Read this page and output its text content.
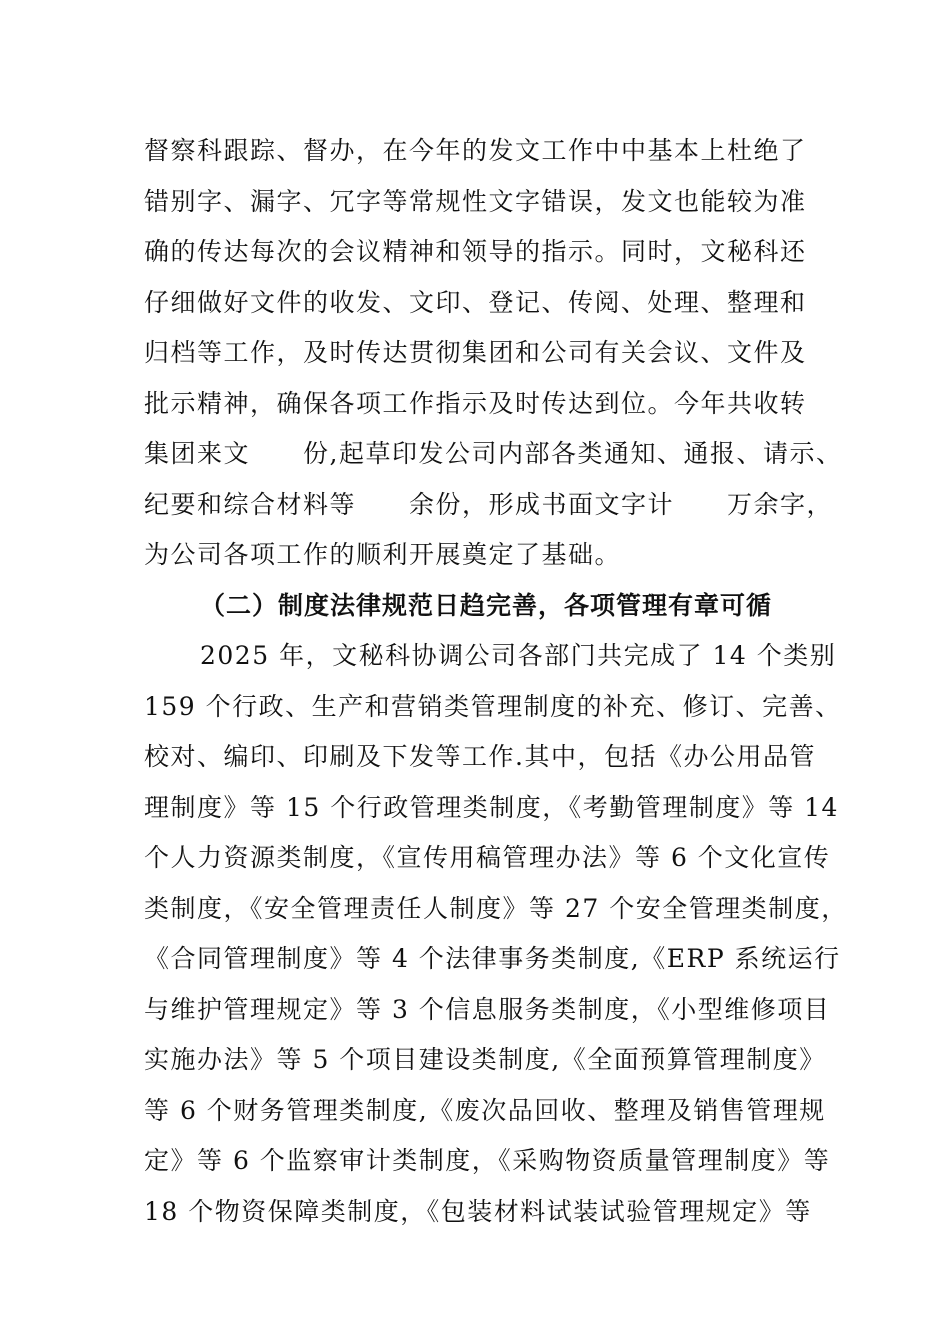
督察科跟踪、督办，在今年的发文工作中中基本上杜绝了
错别字、漏字、冗字等常规性文字错误，发文也能较为准
确的传达每次的会议精神和领导的指示。同时，文秘科还
仔细做好文件的收发、文印、登记、传阅、处理、整理和
归档等工作，及时传达贯彻集团和公司有关会议、文件及
批示精神，确保各项工作指示及时传达到位。今年共收转
集团来文　　份,起草印发公司内部各类通知、通报、请示、
纪要和综合材料等　　余份，形成书面文字计　　万余字，
为公司各项工作的顺利开展奠定了基础。
（二）制度法律规范日趋完善，各项管理有章可循
2025 年，文秘科协调公司各部门共完成了 14 个类别
159 个行政、生产和营销类管理制度的补充、修订、完善、
校对、编印、印刷及下发等工作.其中，包括《办公用品管
理制度》等 15 个行政管理类制度，《考勤管理制度》等 14
个人力资源类制度，《宣传用稿管理办法》等 6 个文化宣传
类制度，《安全管理责任人制度》等 27 个安全管理类制度，
《合同管理制度》等 4 个法律事务类制度,《ERP 系统运行
与维护管理规定》等 3 个信息服务类制度，《小型维修项目
实施办法》等 5 个项目建设类制度,《全面预算管理制度》
等 6 个财务管理类制度,《废次品回收、整理及销售管理规
定》等 6 个监察审计类制度，《采购物资质量管理制度》等
18 个物资保障类制度，《包装材料试装试验管理规定》等
